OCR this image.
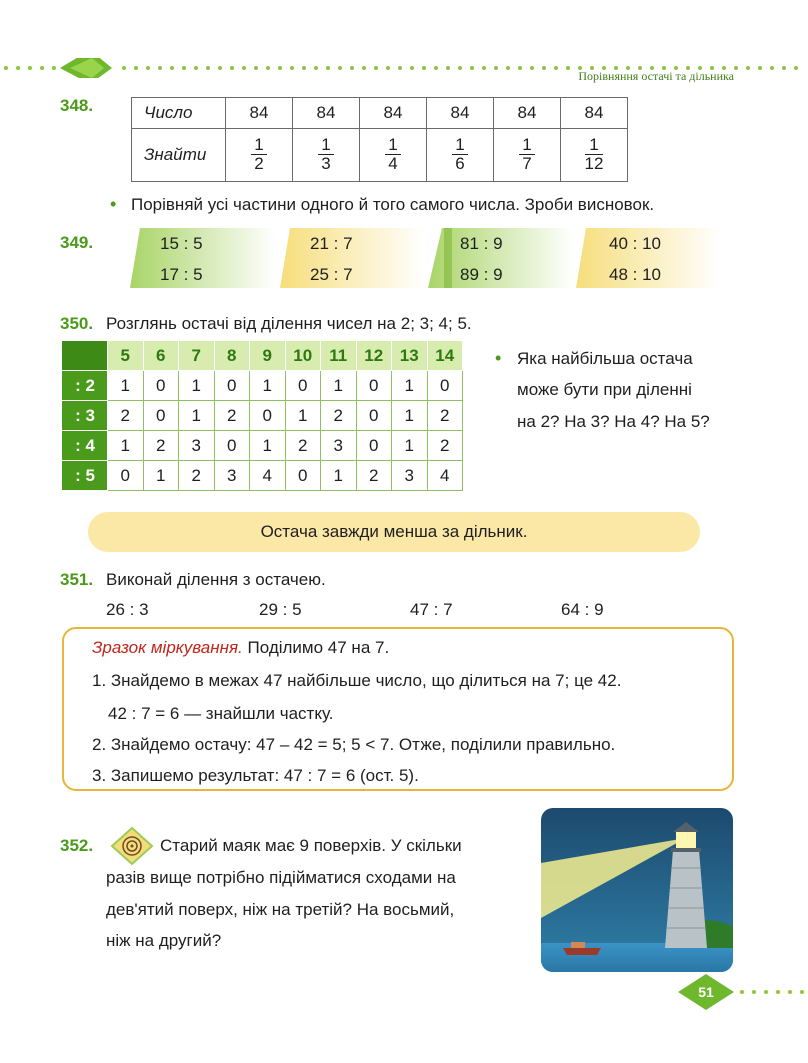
Порівняння остачі та дільника
348.	Число	84	84	84	84	84	84
Знайти	$\frac{1}{2}$	$\frac{1}{3}$	$\frac{1}{4}$	$\frac{1}{6}$	$\frac{1}{7}$	$\frac{1}{12}$
• Порівняй усі частини одного й того самого числа. Зроби висновок.
349.	15 : 5
17 : 5
21 : 7
25 : 7
81 : 9
89 : 9
40 : 10
48 : 10
350. Розглянь остачі від ділення чисел на 2; 3; 4; 5.
	5	6	7	8	9	10	11	12	13	14
: 2	1	0	1	0	1	0	1	0	1	0
: 3	2	0	1	2	0	1	2	0	1	2
: 4	1	2	3	0	1	2	3	0	1	2
: 5	0	1	2	3	4	0	1	2	3	4
• Яка найбільша остача
може бути при діленні
на 2? На 3? На 4? На 5?
Остача завжди менша за дільник.
351. Виконай ділення з остачею.
26 : 3	29 : 5	47 : 7	64 : 9
Зразок міркування. Поділимо 47 на 7.
1. Знайдемо в межах 47 найбільше число, що ділиться на 7; це 42.
42 : 7 = 6 — знайшли частку.
2. Знайдемо остачу: 47 – 42 = 5; 5 < 7. Отже, поділили правильно.
3. Запишемо результат: 47 : 7 = 6 (ост. 5).
352.	Старий маяк має 9 поверхів. У скільки
разів вище потрібно підійматися сходами на
дев'ятий поверх, ніж на третій? На восьмий,
ніж на другий?
51
